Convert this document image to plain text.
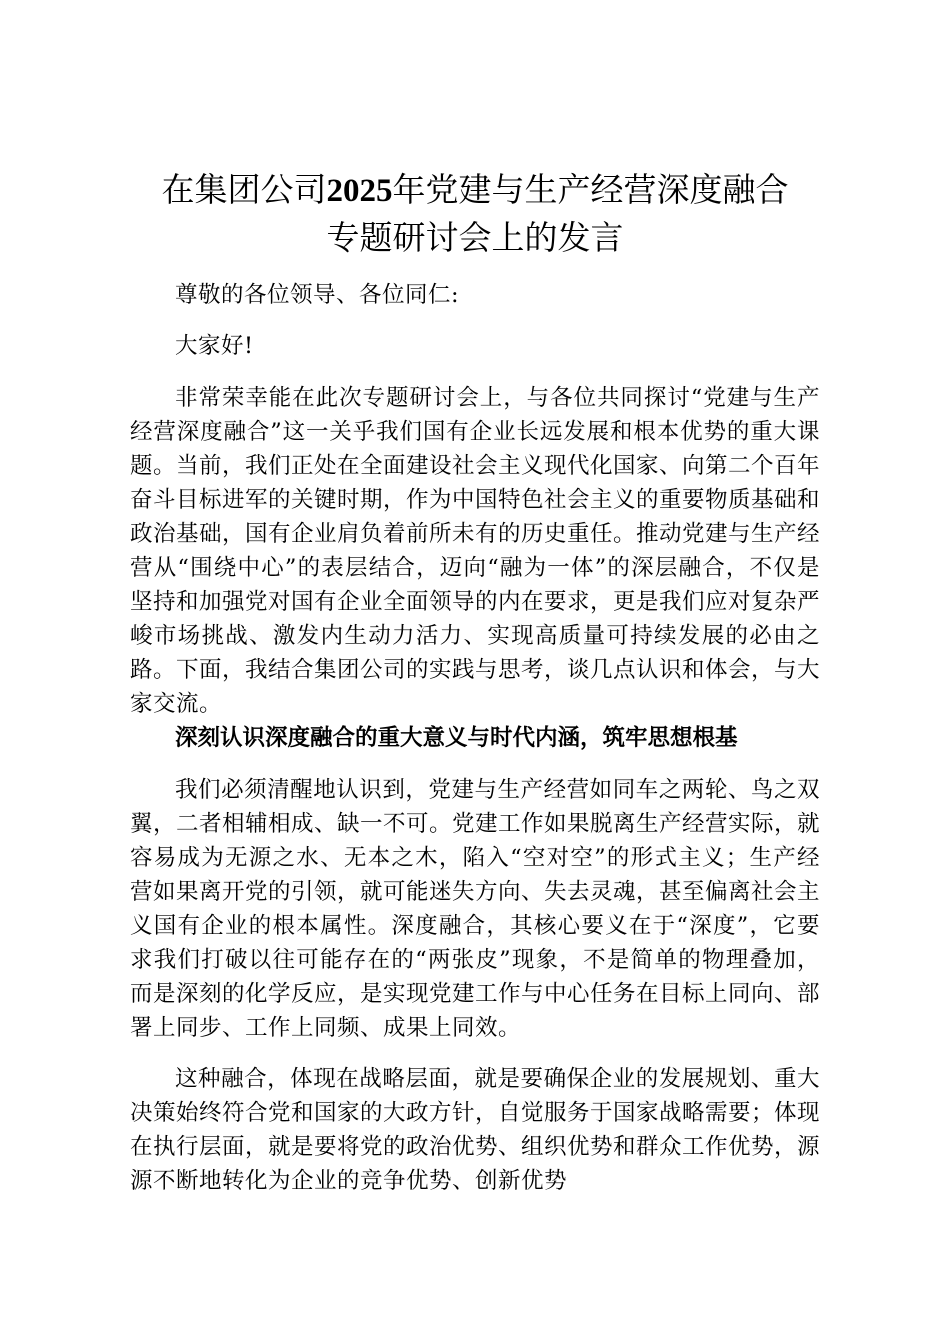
在集团公司2025年党建与生产经营深度融合
专题研讨会上的发言

尊敬的各位领导、各位同仁:

大家好!

非常荣幸能在此次专题研讨会上，与各位共同探讨“党建与生产经营深度融合”这一关乎我们国有企业长远发展和根本优势的重大课题。当前，我们正处在全面建设社会主义现代化国家、向第二个百年奋斗目标进军的关键时期，作为中国特色社会主义的重要物质基础和政治基础，国有企业肩负着前所未有的历史重任。推动党建与生产经营从“围绕中心”的表层结合，迈向“融为一体”的深层融合，不仅是坚持和加强党对国有企业全面领导的内在要求，更是我们应对复杂严峻市场挑战、激发内生动力活力、实现高质量可持续发展的必由之路。下面，我结合集团公司的实践与思考，谈几点认识和体会，与大家交流。

深刻认识深度融合的重大意义与时代内涵，筑牢思想根基

我们必须清醒地认识到，党建与生产经营如同车之两轮、鸟之双翼，二者相辅相成、缺一不可。党建工作如果脱离生产经营实际，就容易成为无源之水、无本之木，陷入“空对空”的形式主义；生产经营如果离开党的引领，就可能迷失方向、失去灵魂，甚至偏离社会主义国有企业的根本属性。深度融合，其核心要义在于“深度”，它要求我们打破以往可能存在的“两张皮”现象，不是简单的物理叠加，而是深刻的化学反应，是实现党建工作与中心任务在目标上同向、部署上同步、工作上同频、成果上同效。

这种融合，体现在战略层面，就是要确保企业的发展规划、重大决策始终符合党和国家的大政方针，自觉服务于国家战略需要；体现在执行层面，就是要将党的政治优势、组织优势和群众工作优势，源源不断地转化为企业的竞争优势、创新优势
